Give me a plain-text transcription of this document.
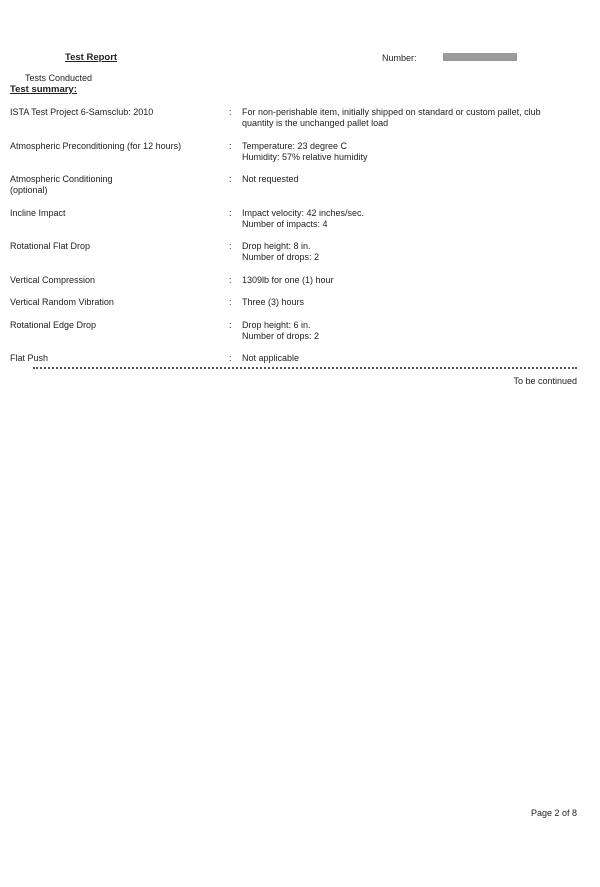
Test Report	Number:
Tests Conducted
Test summary:
ISTA Test Project 6-Samsclub: 2010	: For non-perishable item, initially shipped on standard or custom pallet, club
quantity is the unchanged pallet load
Atmospheric Preconditioning (for 12 hours)	: Temperature: 23 degree C
Humidity: 57% relative humidity
Atmospheric Conditioning
(optional)
: Not requested
Incline Impact	: Impact velocity: 42 inches/sec.
Number of impacts: 4
Rotational Flat Drop	: Drop height: 8 in.
Number of drops: 2
Vertical Compression	: 1309lb for one (1) hour
Vertical Random Vibration	: Three (3) hours
Rotational Edge Drop	: Drop height: 6 in.
Number of drops: 2
Flat Push	: Not applicable
To be continued
Page 2 of 8
